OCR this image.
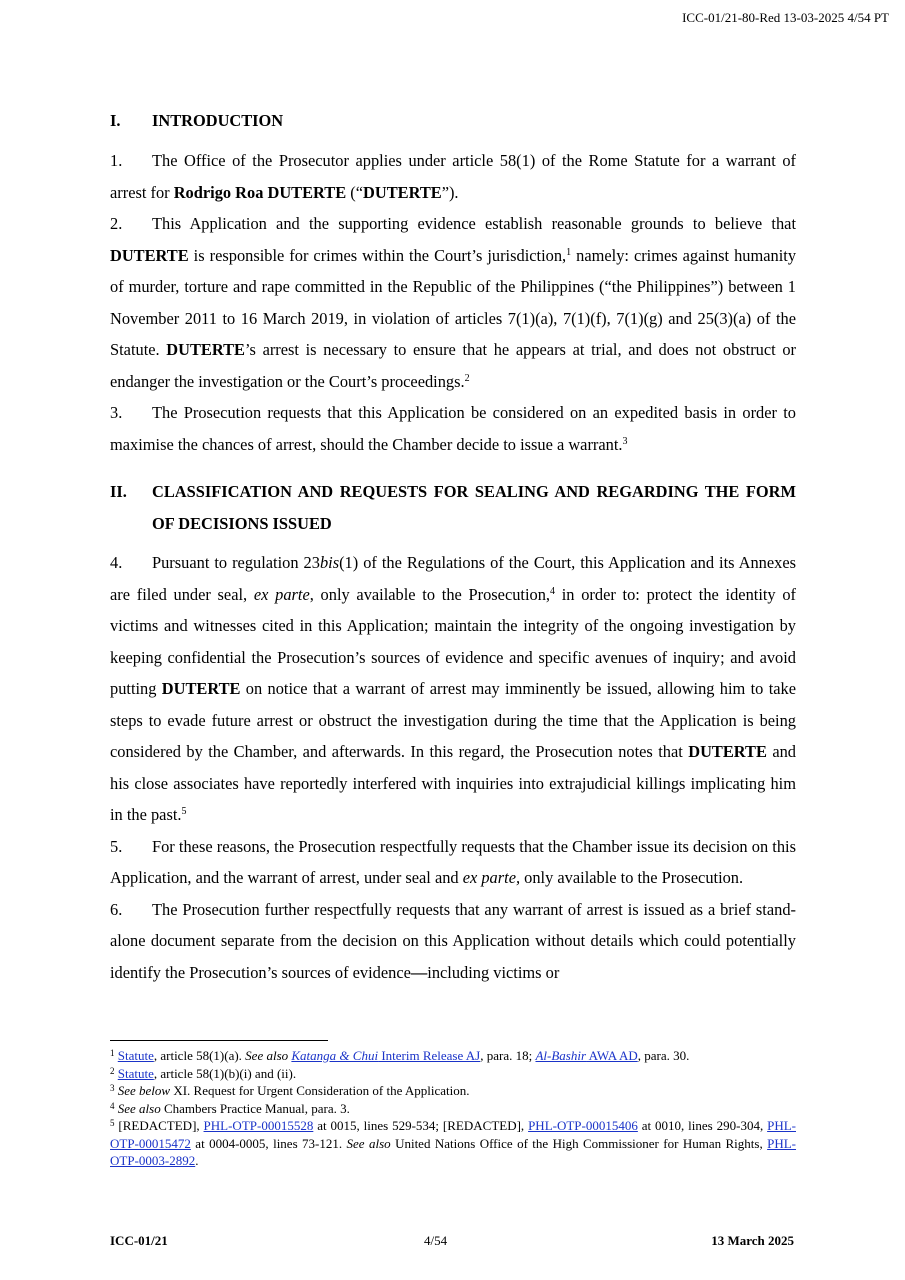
ICC-01/21-80-Red 13-03-2025 4/54 PT
I.	INTRODUCTION

1. The Office of the Prosecutor applies under article 58(1) of the Rome Statute for a warrant of arrest for Rodrigo Roa DUTERTE (“DUTERTE”).

2. This Application and the supporting evidence establish reasonable grounds to believe that DUTERTE is responsible for crimes within the Court’s jurisdiction,$^1$ namely: crimes against humanity of murder, torture and rape committed in the Republic of the Philippines (“the Philippines”) between 1 November 2011 to 16 March 2019, in violation of articles 7(1)(a), 7(1)(f), 7(1)(g) and 25(3)(a) of the Statute. DUTERTE’s arrest is necessary to ensure that he appears at trial, and does not obstruct or endanger the investigation or the Court’s proceedings.$^2$

3. The Prosecution requests that this Application be considered on an expedited basis in order to maximise the chances of arrest, should the Chamber decide to issue a warrant.$^3$

II.	CLASSIFICATION AND REQUESTS FOR SEALING AND REGARDING THE FORM OF DECISIONS ISSUED

4. Pursuant to regulation 23bis(1) of the Regulations of the Court, this Application and its Annexes are filed under seal, ex parte, only available to the Prosecution,$^4$ in order to: protect the identity of victims and witnesses cited in this Application; maintain the integrity of the ongoing investigation by keeping confidential the Prosecution’s sources of evidence and specific avenues of inquiry; and avoid putting DUTERTE on notice that a warrant of arrest may imminently be issued, allowing him to take steps to evade future arrest or obstruct the investigation during the time that the Application is being considered by the Chamber, and afterwards. In this regard, the Prosecution notes that DUTERTE and his close associates have reportedly interfered with inquiries into extrajudicial killings implicating him in the past.$^5$

5. For these reasons, the Prosecution respectfully requests that the Chamber issue its decision on this Application, and the warrant of arrest, under seal and ex parte, only available to the Prosecution.

6. The Prosecution further respectfully requests that any warrant of arrest is issued as a brief stand-alone document separate from the decision on this Application without details which could potentially identify the Prosecution’s sources of evidence—including victims or

$^1$ Statute, article 58(1)(a). See also Katanga & Chui Interim Release AJ, para. 18; Al-Bashir AWA AD, para. 30.

$^2$ Statute, article 58(1)(b)(i) and (ii).

$^3$ See below XI. Request for Urgent Consideration of the Application.

$^4$ See also Chambers Practice Manual, para. 3.

$^5$ [REDACTED], PHL-OTP-00015528 at 0015, lines 529-534; [REDACTED], PHL-OTP-00015406 at 0010, lines 290-304, PHL-OTP-00015472 at 0004-0005, lines 73-121. See also United Nations Office of the High Commissioner for Human Rights, PHL-OTP-0003-2892.

ICC-01/21	4/54	13 March 2025
